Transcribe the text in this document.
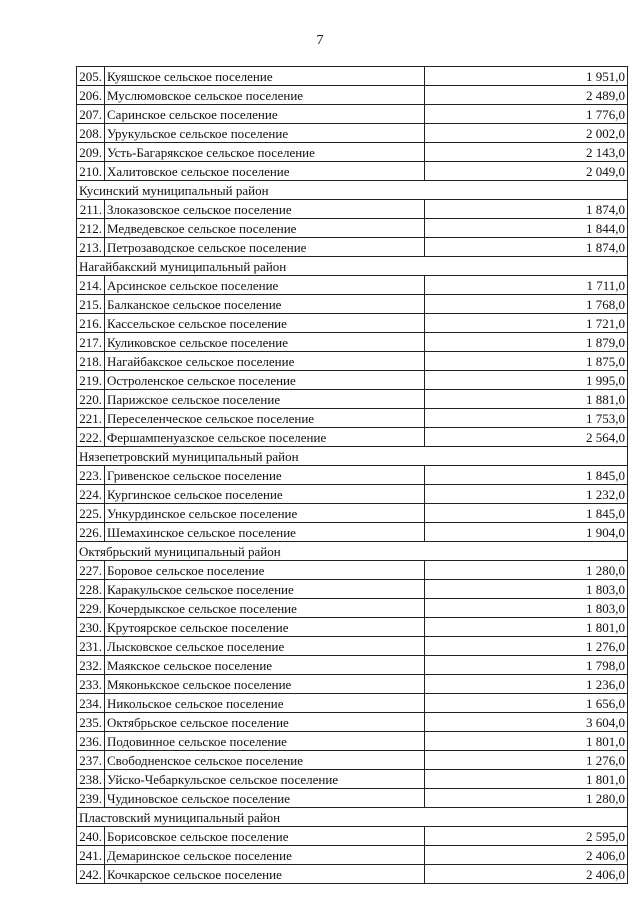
7
205.	Куяшское сельское поселение	1 951,0
206.	Муслюмовское сельское поселение	2 489,0
207.	Саринское сельское поселение	1 776,0
208.	Урукульское сельское поселение	2 002,0
209.	Усть-Багарякское сельское поселение	2 143,0
210.	Халитовское сельское поселение	2 049,0
Кусинский муниципальный район		
211.	Злоказовское сельское поселение	1 874,0
212.	Медведевское сельское поселение	1 844,0
213.	Петрозаводское сельское поселение	1 874,0
Нагайбакский муниципальный район		
214.	Арсинское сельское поселение	1 711,0
215.	Балканское сельское поселение	1 768,0
216.	Кассельское сельское поселение	1 721,0
217.	Куликовское сельское поселение	1 879,0
218.	Нагайбакское сельское поселение	1 875,0
219.	Остроленское сельское поселение	1 995,0
220.	Парижское сельское поселение	1 881,0
221.	Переселенческое сельское поселение	1 753,0
222.	Фершампенуазское сельское поселение	2 564,0
Нязепетровский муниципальный район		
223.	Гривенское сельское поселение	1 845,0
224.	Кургинское сельское поселение	1 232,0
225.	Ункурдинское сельское поселение	1 845,0
226.	Шемахинское сельское поселение	1 904,0
Октябрьский муниципальный район		
227.	Боровое сельское поселение	1 280,0
228.	Каракульское сельское поселение	1 803,0
229.	Кочердыкское сельское поселение	1 803,0
230.	Крутоярское сельское поселение	1 801,0
231.	Лысковское сельское поселение	1 276,0
232.	Маякское сельское поселение	1 798,0
233.	Мяконькское сельское поселение	1 236,0
234.	Никольское сельское поселение	1 656,0
235.	Октябрьское сельское поселение	3 604,0
236.	Подовинное сельское поселение	1 801,0
237.	Свободненское сельское поселение	1 276,0
238.	Уйско-Чебаркульское сельское поселение	1 801,0
239.	Чудиновское сельское поселение	1 280,0
Пластовский муниципальный район		
240.	Борисовское сельское поселение	2 595,0
241.	Демаринское сельское поселение	2 406,0
242.	Кочкарское сельское поселение	2 406,0
